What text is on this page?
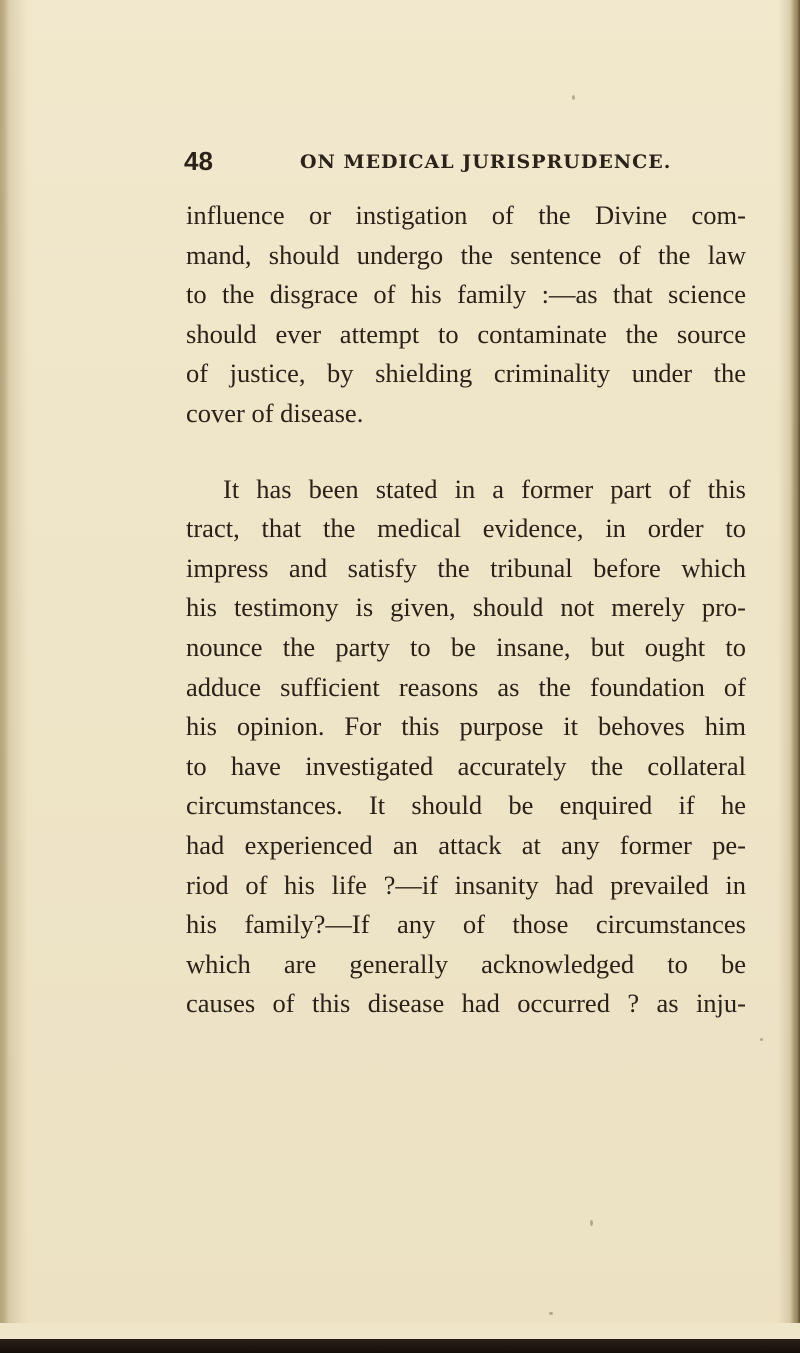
48	ON MEDICAL JURISPRUDENCE.
influence or instigation of the Divine com-
mand, should undergo the sentence of the law
to the disgrace of his family :—as that science
should ever attempt to contaminate the source
of justice, by shielding criminality under the
cover of disease.
It has been stated in a former part of this
tract, that the medical evidence, in order to
impress and satisfy the tribunal before which
his testimony is given, should not merely pro-
nounce the party to be insane, but ought to
adduce sufficient reasons as the foundation of
his opinion. For this purpose it behoves him
to have investigated accurately the collateral
circumstances. It should be enquired if he
had experienced an attack at any former pe-
riod of his life ?—if insanity had prevailed in
his family?—If any of those circumstances
which are generally acknowledged to be
causes of this disease had occurred ? as inju-
